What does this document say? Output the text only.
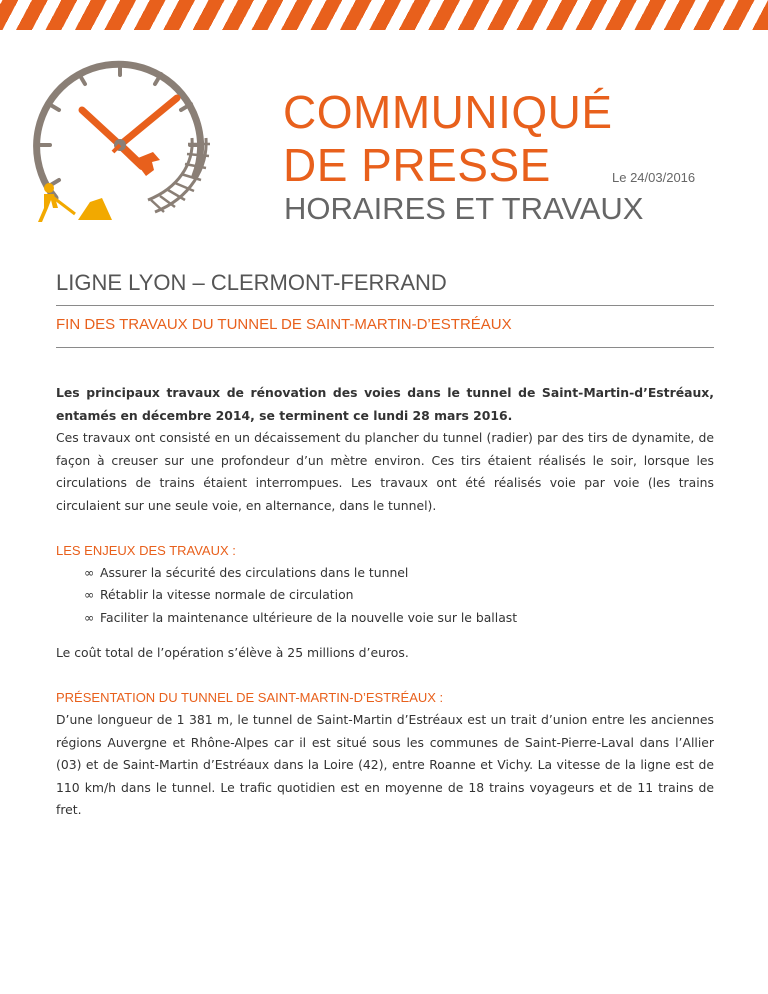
COMMUNIQUÉ
DE PRESSE	Le 24/03/2016
HORAIRES ET TRAVAUX
LIGNE LYON – CLERMONT-FERRAND
FIN DES TRAVAUX DU TUNNEL DE SAINT-MARTIN-D’ESTRÉAUX

Les principaux travaux de rénovation des voies dans le tunnel de Saint-Martin-d’Estréaux, entamés en décembre 2014, se terminent ce lundi 28 mars 2016.

Ces travaux ont consisté en un décaissement du plancher du tunnel (radier) par des tirs de dynamite, de façon à creuser sur une profondeur d’un mètre environ. Ces tirs étaient réalisés le soir, lorsque les circulations de trains étaient interrompues. Les travaux ont été réalisés voie par voie (les trains circulaient sur une seule voie, en alternance, dans le tunnel).

LES ENJEUX DES TRAVAUX :
∞ Assurer la sécurité des circulations dans le tunnel
∞ Rétablir la vitesse normale de circulation
∞ Faciliter la maintenance ultérieure de la nouvelle voie sur le ballast

Le coût total de l’opération s’élève à 25 millions d’euros.

PRÉSENTATION DU TUNNEL DE SAINT-MARTIN-D’ESTRÉAUX :

D’une longueur de 1 381 m, le tunnel de Saint-Martin d’Estréaux est un trait d’union entre les anciennes régions Auvergne et Rhône-Alpes car il est situé sous les communes de Saint-Pierre-Laval dans l’Allier (03) et de Saint-Martin d’Estréaux dans la Loire (42), entre Roanne et Vichy. La vitesse de la ligne est de 110 km/h dans le tunnel. Le trafic quotidien est en moyenne de 18 trains voyageurs et de 11 trains de fret.
